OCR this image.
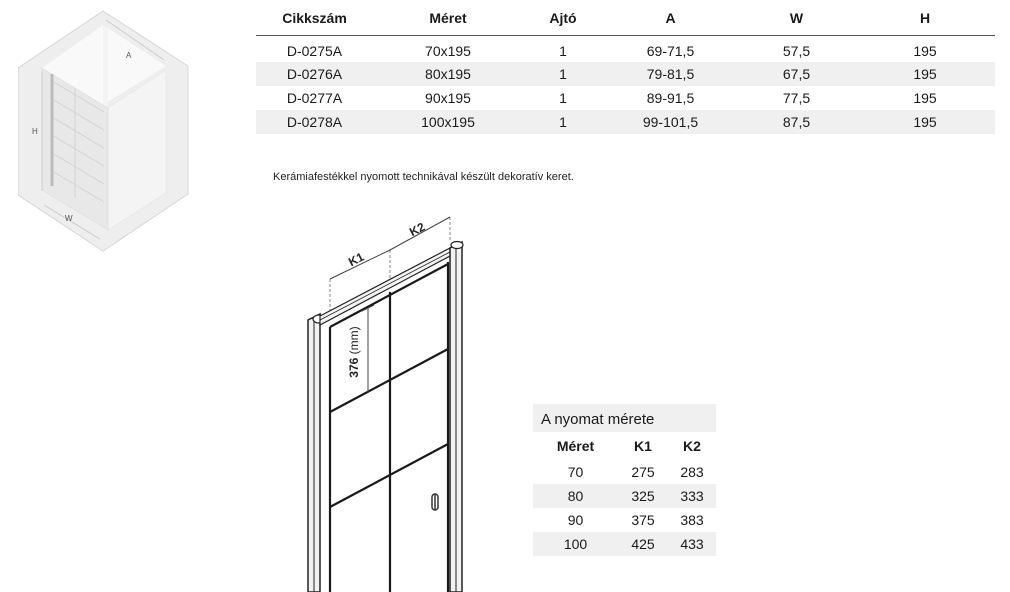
A
H
W
Cikkszám	Méret	Ajtó	A	W	H
D-0275A	70x195	1	69-71,5	57,5	195
D-0276A	80x195	1	79-81,5	67,5	195
D-0277A	90x195	1	89-91,5	77,5	195
D-0278A	100x195	1	99-101,5	87,5	195
Kerámiafestékkel nyomott technikával készült dekoratív keret.
K1
K2
376 (mm)
A nyomat mérete
Méret	K1	K2
70	275	283
80	325	333
90	375	383
100	425	433
